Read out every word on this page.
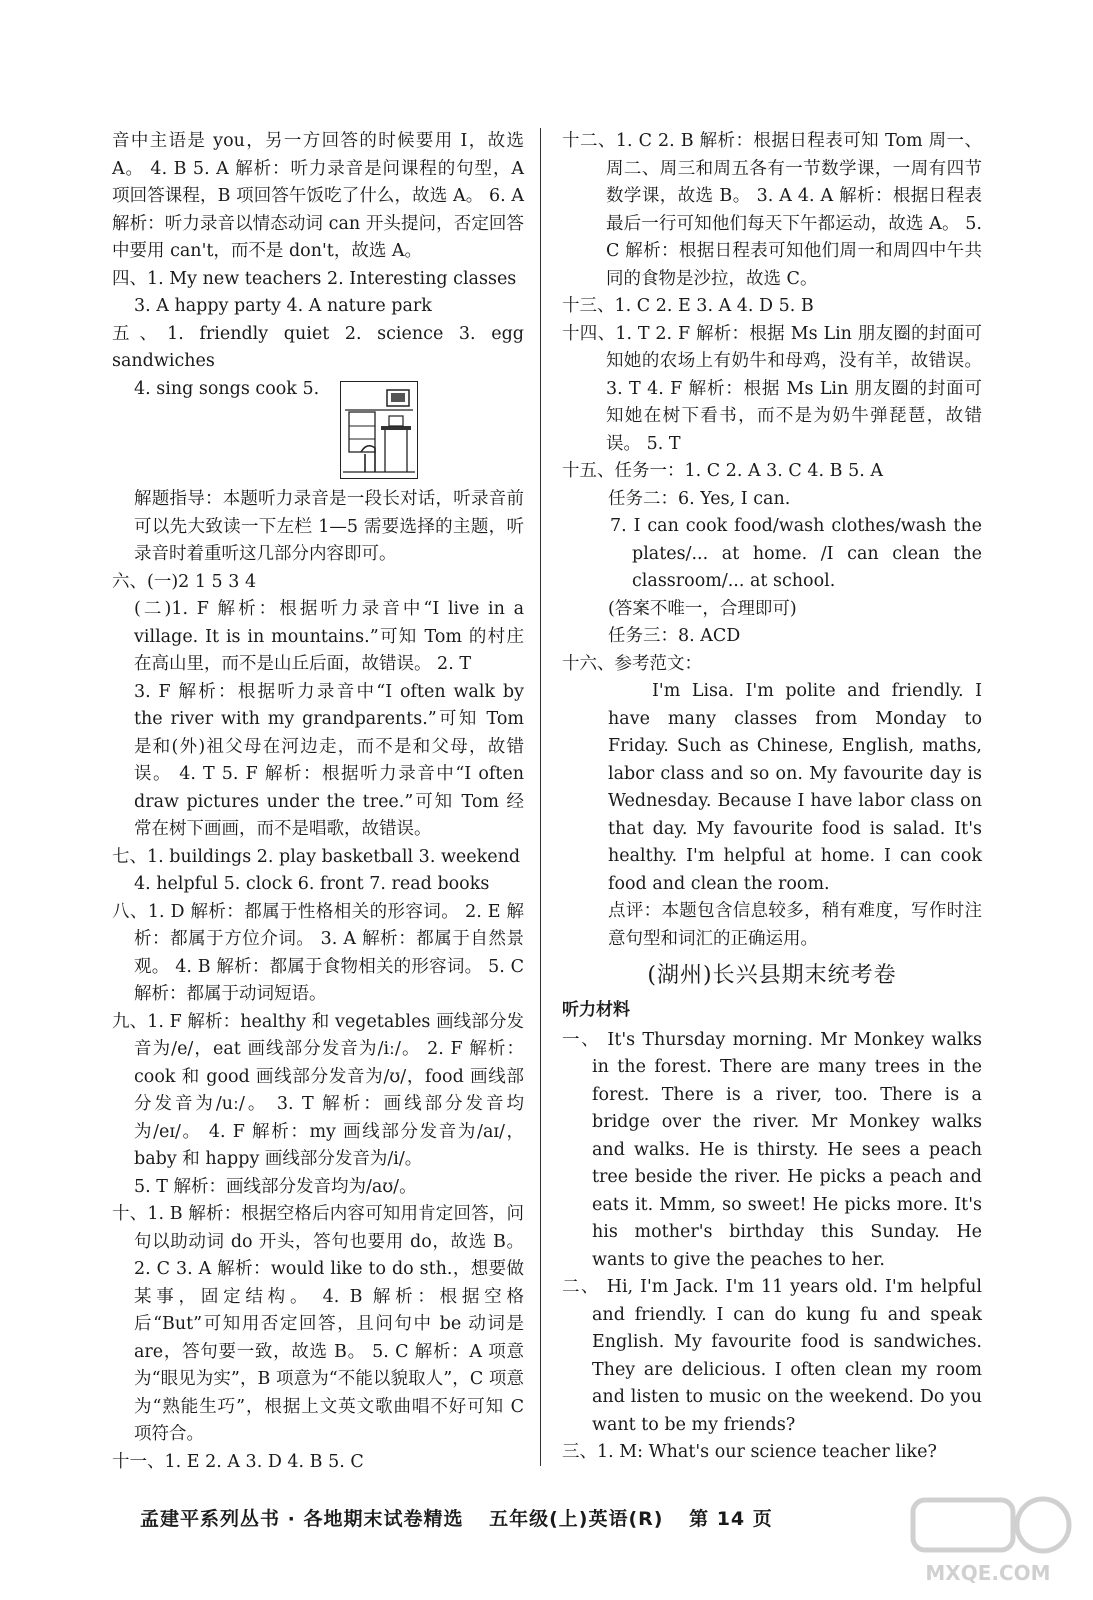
音中主语是 you，另一方回答的时候要用 I，故选 A。 4. B 5. A 解析：听力录音是问课程的句型，A 项回答课程，B 项回答午饭吃了什么，故选 A。 6. A 解析：听力录音以情态动词 can 开头提问，否定回答中要用 can't，而不是 don't，故选 A。

四、1. My new teachers 2. Interesting classes

3. A happy party 4. A nature park

五、1. friendly quiet 2. science 3. egg sandwiches

4. sing songs cook 5.

解题指导：本题听力录音是一段长对话，听录音前可以先大致读一下左栏 1—5 需要选择的主题，听录音时着重听这几部分内容即可。

六、(一)2 1 5 3 4

(二)1. F 解析：根据听力录音中“I live in a village. It is in mountains.”可知 Tom 的村庄在高山里，而不是山丘后面，故错误。 2. T

3. F 解析：根据听力录音中“I often walk by the river with my grandparents.”可知 Tom 是和(外)祖父母在河边走，而不是和父母，故错误。 4. T 5. F 解析：根据听力录音中“I often draw pictures under the tree.”可知 Tom 经常在树下画画，而不是唱歌，故错误。

七、1. buildings 2. play basketball 3. weekend

4. helpful 5. clock 6. front 7. read books

八、1. D 解析：都属于性格相关的形容词。 2. E 解析：都属于方位介词。 3. A 解析：都属于自然景观。 4. B 解析：都属于食物相关的形容词。 5. C 解析：都属于动词短语。

九、1. F 解析：healthy 和 vegetables 画线部分发音为/e/，eat 画线部分发音为/iː/。 2. F 解析：cook 和 good 画线部分发音为/ʊ/，food 画线部分发音为/uː/。 3. T 解析：画线部分发音均为/eɪ/。 4. F 解析：my 画线部分发音为/aɪ/，baby 和 happy 画线部分发音为/i/。

5. T 解析：画线部分发音均为/aʊ/。

十、1. B 解析：根据空格后内容可知用肯定回答，问句以助动词 do 开头，答句也要用 do，故选 B。 2. C 3. A 解析：would like to do sth.，想要做某事，固定结构。 4. B 解析：根据空格后“But”可知用否定回答，且问句中 be 动词是 are，答句要一致，故选 B。 5. C 解析：A 项意为“眼见为实”，B 项意为“不能以貌取人”，C 项意为“熟能生巧”，根据上文英文歌曲唱不好可知 C 项符合。

十一、1. E 2. A 3. D 4. B 5. C

十二、1. C 2. B 解析：根据日程表可知 Tom 周一、周二、周三和周五各有一节数学课，一周有四节数学课，故选 B。 3. A 4. A 解析：根据日程表最后一行可知他们每天下午都运动，故选 A。 5. C 解析：根据日程表可知他们周一和周四中午共同的食物是沙拉，故选 C。

十三、1. C 2. E 3. A 4. D 5. B

十四、1. T 2. F 解析：根据 Ms Lin 朋友圈的封面可知她的农场上有奶牛和母鸡，没有羊，故错误。 3. T 4. F 解析：根据 Ms Lin 朋友圈的封面可知她在树下看书，而不是为奶牛弹琵琶，故错误。 5. T

十五、任务一：1. C 2. A 3. C 4. B 5. A

任务二：6. Yes, I can.

7. I can cook food/wash clothes/wash the plates/... at home. /I can clean the classroom/... at school.

(答案不唯一，合理即可)

任务三：8. ACD

十六、参考范文：

I'm Lisa. I'm polite and friendly. I have many classes from Monday to Friday. Such as Chinese, English, maths, labor class and so on. My favourite day is Wednesday. Because I have labor class on that day. My favourite food is salad. It's healthy. I'm helpful at home. I can cook food and clean the room.

点评：本题包含信息较多，稍有难度，写作时注意句型和词汇的正确运用。

(湖州)长兴县期末统考卷
听力材料

一、 It's Thursday morning. Mr Monkey walks in the forest. There are many trees in the forest. There is a river, too. There is a bridge over the river. Mr Monkey walks and walks. He is thirsty. He sees a peach tree beside the river. He picks a peach and eats it. Mmm, so sweet! He picks more. It's his mother's birthday this Sunday. He wants to give the peaches to her.

二、 Hi, I'm Jack. I'm 11 years old. I'm helpful and friendly. I can do kung fu and speak English. My favourite food is sandwiches. They are delicious. I often clean my room and listen to music on the weekend. Do you want to be my friends?

三、1. M: What's our science teacher like?

孟建平系列丛书 · 各地期末试卷精选 五年级(上)英语(R) 第 14 页
MXQE.COM
